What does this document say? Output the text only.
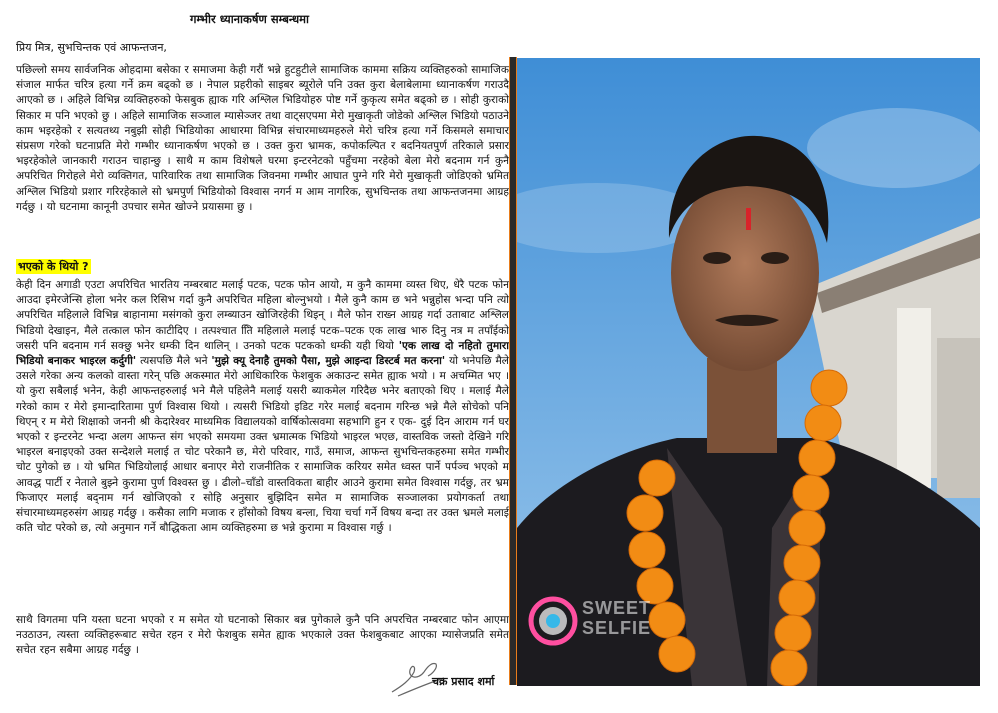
गम्भीर ध्यानाकर्षण सम्बन्धमा
प्रिय मित्र, सुभचिन्तक एवं आफन्तजन,
पछिल्लो समय सार्वजनिक ओहदामा बसेका र समाजमा केही गरौं भन्ने हुटहुटीले सामाजिक काममा सक्रिय व्यक्तिहरुको सामाजिक संजाल मार्फत चरित्र हत्या गर्ने क्रम बढ्को छ । नेपाल प्रहरीको साइबर ब्यूरोले पनि उक्त कुरा बेलाबेलामा ध्यानाकर्षण गराउदै आएको छ । अहिले विभिन्न व्यक्तिहरुको फेसबुक ह्याक गरि अश्लिल भिडियोहरु पोष्ट गर्ने कुकृत्य समेत बढ्को छ । सोही कुराको सिकार म पनि भएको छु । अहिले सामाजिक सञ्जाल म्यासेञ्जर तथा वाट्सएपमा मेरो मुखाकृती जोडेको अश्लिल भिडियो पठाउने काम भइरहेको र सत्यतथ्य नबुझी सोही भिडियोका आधारमा विभिन्न संचारमाध्यमहरुले मेरो चरित्र हत्या गर्ने किसमले समाचार संप्रसण गरेको घटनाप्रति मेरो गम्भीर ध्यानाकर्षण भएको छ । उक्त कुरा भ्रामक, कपोकल्पित र बदनियतपुर्ण तरिकाले प्रसार भइरहेकोले जानकारी गराउन चाहान्छु । साथै म काम विशेषले घरमा इन्टरनेटको पहुँचमा नरहेको बेला मेरो बदनाम गर्न कुनै अपरिचित गिरोहले मेरो व्यक्तिगत, पारिवारिक तथा सामाजिक जिवनमा गम्भीर आघात पुग्ने गरि मेरो मुखाकृती जोडिएको भ्रमित अश्लिल भिडियो प्रशार गरिरहेकाले सो भ्रमपुर्ण भिडियोको विश्वास नगर्न म आम नागरिक, सुभचिन्तक तथा आफन्तजनमा आग्रह गर्दछु । यो घटनामा कानूनी उपचार समेत खोज्ने प्रयासमा छु ।
भएको के थियो ?
केही दिन अगाडी एउटा अपरिचित भारतिय नम्बरबाट मलाई पटक, पटक फोन आयो, म कुनै काममा व्यस्त थिए, धेरै पटक फोन आउदा इमेरजेन्सि होला भनेर कल रिसिभ गर्दा कुनै अपरिचित महिला बोल्नुभयो । मैले कुनै काम छ भने भन्नुहोस भन्दा पनि त्यो अपरिचित महिलाले विभिन्न बाहानामा मसंगको कुरा लम्ब्याउन खोजिरहेकी थिइन् । मैले फोन राख्न आग्रह गर्दा उताबाट अश्लिल भिडियो देखाइन, मैले तत्काल फोन काटीदिए । तत्पश्चात तिि महिलाले मलाई पटक–पटक एक लाख भारु दिनु नत्र म तपाँईको जसरी पनि बदनाम गर्न सक्छु भनेर धम्की दिन थालिन् । उनको पटक पटकको धम्की यही थियो 'एक लाख दो नहितो तुमारा भिडियो बनाकर भाइरल कर्दुगी' त्यसपछि मैले भने 'मुझे क्यू देनाहै तुमको पैसा, मुझे आइन्दा डिस्टर्ब मत करना' यो भनेपछि मैले उसले गरेका अन्य कलको वास्ता गरेन् पछि अकस्मात मेरो आधिकारिक फेशबुक अकाउन्ट समेत ह्याक भयो । म अचम्मित भए । यो कुरा सबैलाई भनेन, केही आफन्तहरुलाई भने मैले पहिलेनै मलाई यसरी ब्याकमेल गरिदैछ भनेर बताएको थिए । मलाई मैले गरेको काम र मेरो इमान्दारितामा पुर्ण विश्वास थियो । त्यसरी भिडियो इडिट गरेर मलाई बदनाम गरिन्छ भन्ने मैले सोचेको पनि थिएन् र म मेरो शिक्षाको जननी श्री केदारेश्वर माध्यमिक विद्यालयको वार्षिकोत्सवमा सहभागि हुन र एक- दुई दिन आराम गर्न घर भएको र इन्टरनेट भन्दा अलग आफन्त संग भएको समयमा उक्त भ्रमात्मक भिडियो भाइरल भएछ, वास्तविक जस्तो देखिने गरि भाइरल बनाइएको उक्त सन्देशले मलाई त चोट परेकानै छ, मेरो परिवार, गाउँ, समाज, आफन्त सुभचिन्तकहरुमा समेत गम्भीर चोट पुगेको छ । यो भ्रमित भिडियोलाई आधार बनाएर मेरो राजनीतिक र सामाजिक करियर समेत ध्वस्त पार्ने पर्पञ्च भएको म आवद्ध पार्टी र नेताले बुझ्ने कुरामा पुर्ण विश्वस्त छु । ढीलो–चाँडो वास्तविकता बाहीर आउने कुरामा समेत विश्वास गर्दछु, तर भ्रम फिजाएर मलाई बद्नाम गर्न खोजिएको र सोहि अनुसार बुझिदिन समेत म सामाजिक सञ्जालका प्रयोगकर्ता तथा संचारमाध्यमहरुसंग आग्रह गर्दछु । कसैका लागि मजाक र हाँसोको विषय बन्ला, चिया चर्चा गर्ने विषय बन्दा तर उक्त भ्रमले मलाई कति चोट परेको छ, त्यो अनुमान गर्ने बौद्धिकता आम व्यक्तिहरुमा छ भन्ने कुरामा म विश्वास गर्छु ।
साथै विगतमा पनि यस्ता घटना भएको र म समेत यो घटनाको सिकार बन्न पुगेकाले कुनै पनि अपरचित नम्बरबाट फोन आएमा नउठाउन, त्यस्ता व्यक्तिहरूबाट सचेत रहन र मेरो फेशबुक समेत ह्याक भएकाले उक्त फेशबुकबाट आएका म्यासेजप्रति समेत सचेत रहन सबैमा आग्रह गर्दछु ।
चक्र प्रसाद शर्मा
SWEET
SELFIE
